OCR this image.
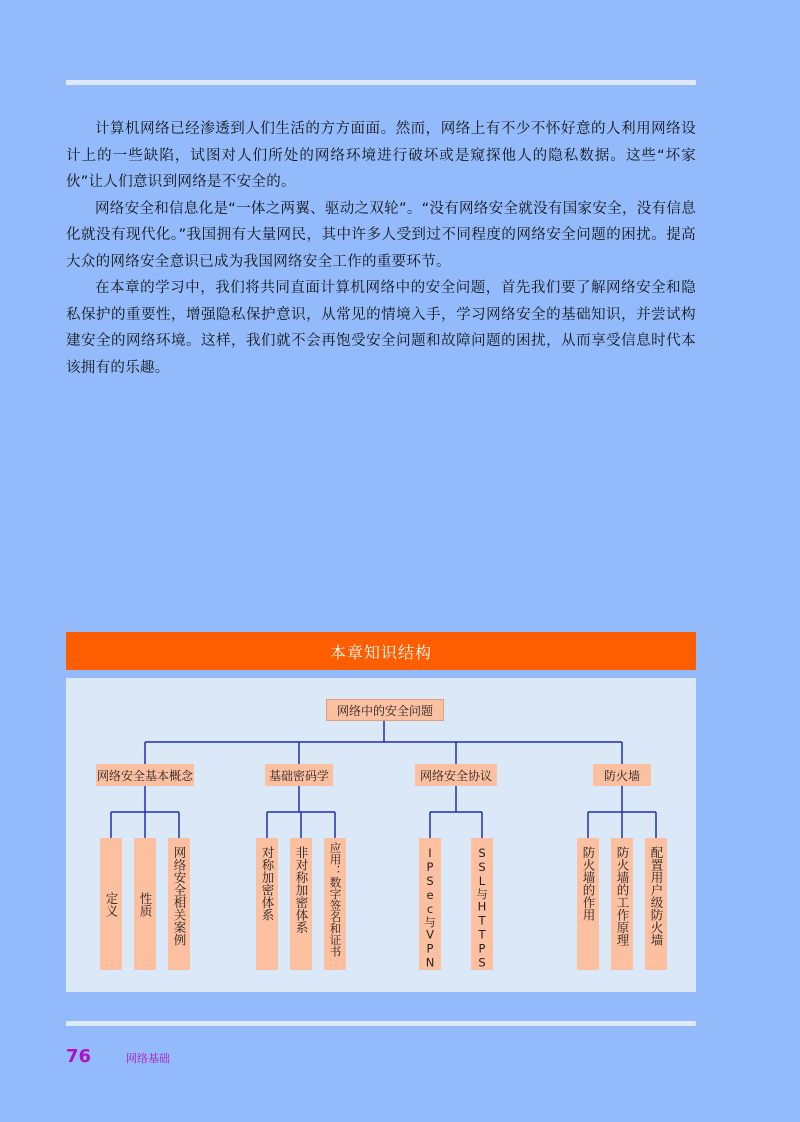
计算机网络已经渗透到人们生活的方方面面。然而，网络上有不少不怀好意的人利用网络设计上的一些缺陷，试图对人们所处的网络环境进行破坏或是窥探他人的隐私数据。这些“坏家伙”让人们意识到网络是不安全的。

网络安全和信息化是“一体之两翼、驱动之双轮”。“没有网络安全就没有国家安全，没有信息化就没有现代化。”我国拥有大量网民，其中许多人受到过不同程度的网络安全问题的困扰。提高大众的网络安全意识已成为我国网络安全工作的重要环节。

在本章的学习中，我们将共同直面计算机网络中的安全问题，首先我们要了解网络安全和隐私保护的重要性，增强隐私保护意识，从常见的情境入手，学习网络安全的基础知识，并尝试构建安全的网络环境。这样，我们就不会再饱受安全问题和故障问题的困扰，从而享受信息时代本该拥有的乐趣。

本章知识结构
网络中的安全问题
网络安全基本概念	基础密码学	网络安全协议	防火墙
定义	性质	网络安全相关案例	对称加密体系	非对称加密体系	应用：数字签名和证书	IPSec与VPN	SSL与HTTPS	防火墙的作用	防火墙的工作原理	配置用户级防火墙
76	网络基础
